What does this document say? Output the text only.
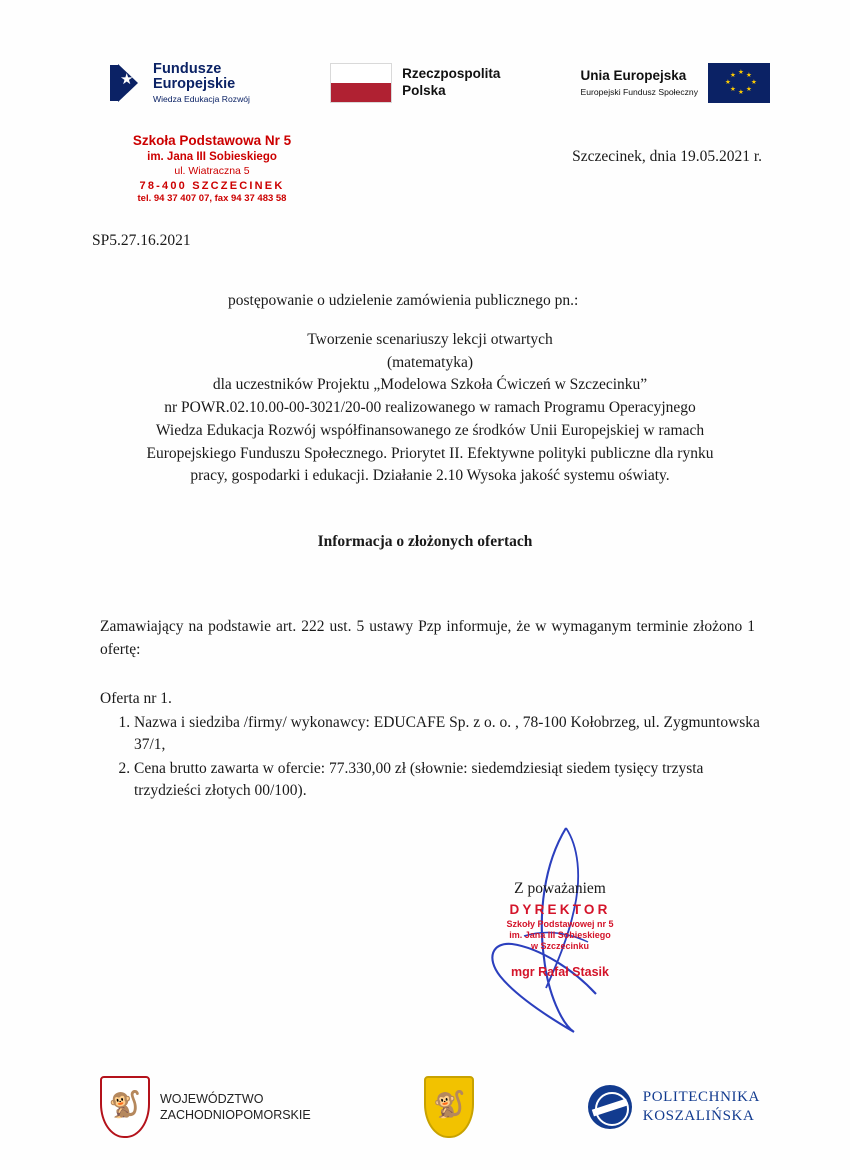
★
Fundusze
Europejskie
Wiedza Edukacja Rozwój
Rzeczpospolita
Polska
Unia Europejska
Europejski Fundusz Społeczny
★ ★
★
★
★
★
★
★
Szkoła Podstawowa Nr 5
im. Jana III Sobieskiego
ul. Wiatraczna 5
78-400 SZCZECINEK
tel. 94 37 407 07, fax 94 37 483 58
Szczecinek, dnia 19.05.2021 r.
SP5.27.16.2021

postępowanie o udzielenie zamówienia publicznego pn.:

Tworzenie scenariuszy lekcji otwartych

(matematyka)

dla uczestników Projektu „Modelowa Szkoła Ćwiczeń w Szczecinku”

nr POWR.02.10.00-00-3021/20-00 realizowanego w ramach Programu Operacyjnego

Wiedza Edukacja Rozwój współfinansowanego ze środków Unii Europejskiej w ramach

Europejskiego Funduszu Społecznego. Priorytet II. Efektywne polityki publiczne dla rynku

pracy, gospodarki i edukacji. Działanie 2.10 Wysoka jakość systemu oświaty.

Informacja o złożonych ofertach
Zamawiający na podstawie art. 222 ust. 5 ustawy Pzp informuje, że w wymaganym terminie złożono 1 ofertę:
Oferta nr 1.
1. Nazwa i siedziba /firmy/ wykonawcy: EDUCAFE Sp. z o. o. , 78-100 Kołobrzeg, ul. Zygmuntowska 37/1,
2. Cena brutto zawarta w ofercie: 77.330,00 zł (słownie: siedemdziesiąt siedem tysięcy trzysta trzydzieści złotych 00/100).
Z poważaniem
DYREKTOR
Szkoły Podstawowej nr 5
im. Jana III Sobieskiego
w Szczecinku
mgr Rafał Stasik
🐒 WOJEWÓDZTWO
ZACHODNIOPOMORSKIE	🐒	POLITECHNIKA
KOSZALIŃSKA
